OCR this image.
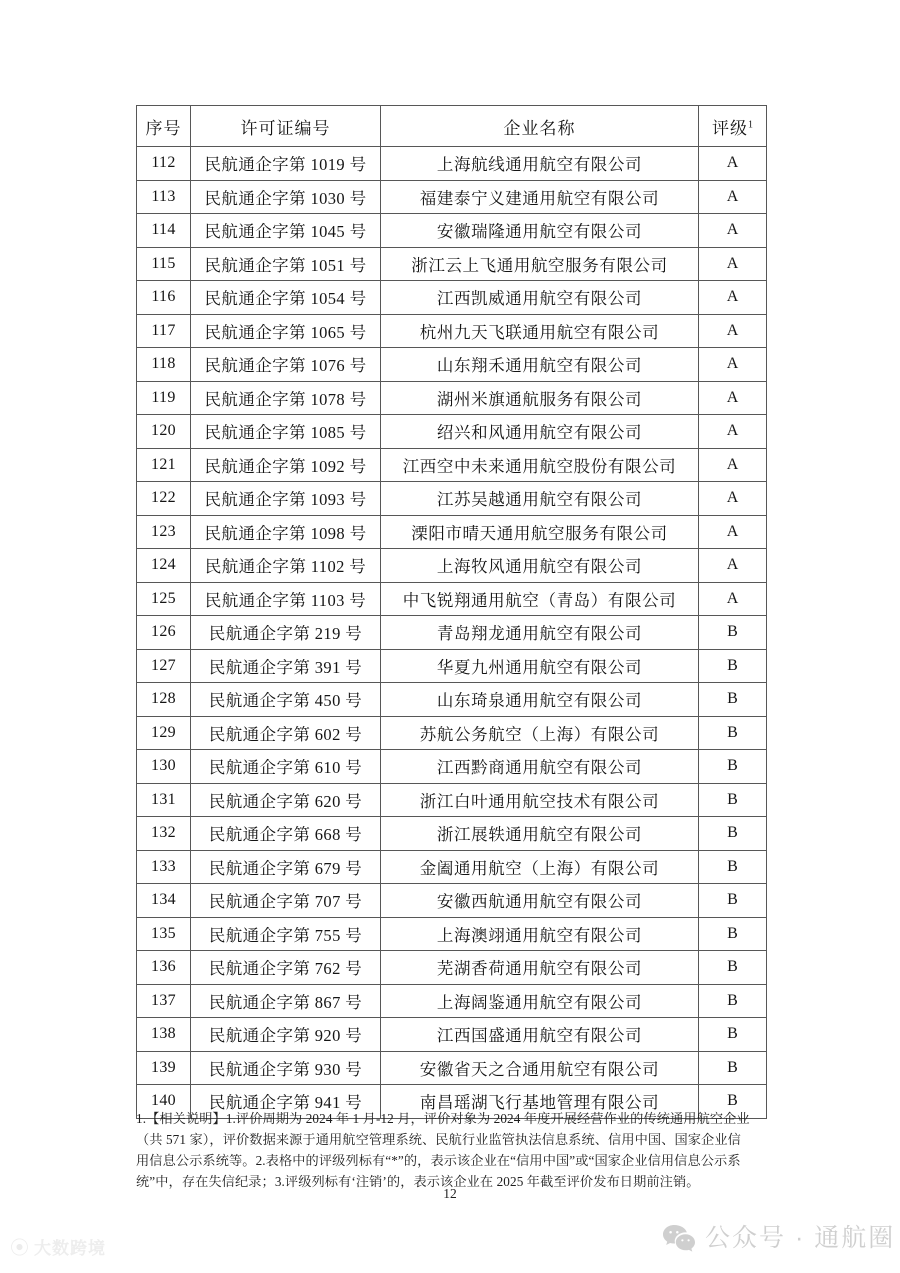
序号	许可证编号	企业名称	评级$^1$
112	民航通企字第 1019 号	上海航线通用航空有限公司	A
113	民航通企字第 1030 号	福建泰宁义建通用航空有限公司	A
114	民航通企字第 1045 号	安徽瑞隆通用航空有限公司	A
115	民航通企字第 1051 号	浙江云上飞通用航空服务有限公司	A
116	民航通企字第 1054 号	江西凯威通用航空有限公司	A
117	民航通企字第 1065 号	杭州九天飞联通用航空有限公司	A
118	民航通企字第 1076 号	山东翔禾通用航空有限公司	A
119	民航通企字第 1078 号	湖州米旗通航服务有限公司	A
120	民航通企字第 1085 号	绍兴和风通用航空有限公司	A
121	民航通企字第 1092 号	江西空中未来通用航空股份有限公司	A
122	民航通企字第 1093 号	江苏吴越通用航空有限公司	A
123	民航通企字第 1098 号	溧阳市晴天通用航空服务有限公司	A
124	民航通企字第 1102 号	上海牧风通用航空有限公司	A
125	民航通企字第 1103 号	中飞锐翔通用航空（青岛）有限公司	A
126	民航通企字第 219 号	青岛翔龙通用航空有限公司	B
127	民航通企字第 391 号	华夏九州通用航空有限公司	B
128	民航通企字第 450 号	山东琦泉通用航空有限公司	B
129	民航通企字第 602 号	苏航公务航空（上海）有限公司	B
130	民航通企字第 610 号	江西黔商通用航空有限公司	B
131	民航通企字第 620 号	浙江白叶通用航空技术有限公司	B
132	民航通企字第 668 号	浙江展轶通用航空有限公司	B
133	民航通企字第 679 号	金阖通用航空（上海）有限公司	B
134	民航通企字第 707 号	安徽西航通用航空有限公司	B
135	民航通企字第 755 号	上海澳翊通用航空有限公司	B
136	民航通企字第 762 号	芜湖香荷通用航空有限公司	B
137	民航通企字第 867 号	上海阔鉴通用航空有限公司	B
138	民航通企字第 920 号	江西国盛通用航空有限公司	B
139	民航通企字第 930 号	安徽省天之合通用航空有限公司	B
140	民航通企字第 941 号	南昌瑶湖飞行基地管理有限公司	B
1.【相关说明】1.评价周期为 2024 年 1 月-12 月，评价对象为 2024 年度开展经营作业的传统通用航空企业
（共 571 家），评价数据来源于通用航空管理系统、民航行业监管执法信息系统、信用中国、国家企业信
用信息公示系统等。2.表格中的评级列标有“*”的，表示该企业在“信用中国”或“国家企业信用信息公示系
统”中，存在失信纪录；3.评级列标有‘注销’的，表示该企业在 2025 年截至评价发布日期前注销。
12
⦿ 大数跨境	公众号 · 通航圈
